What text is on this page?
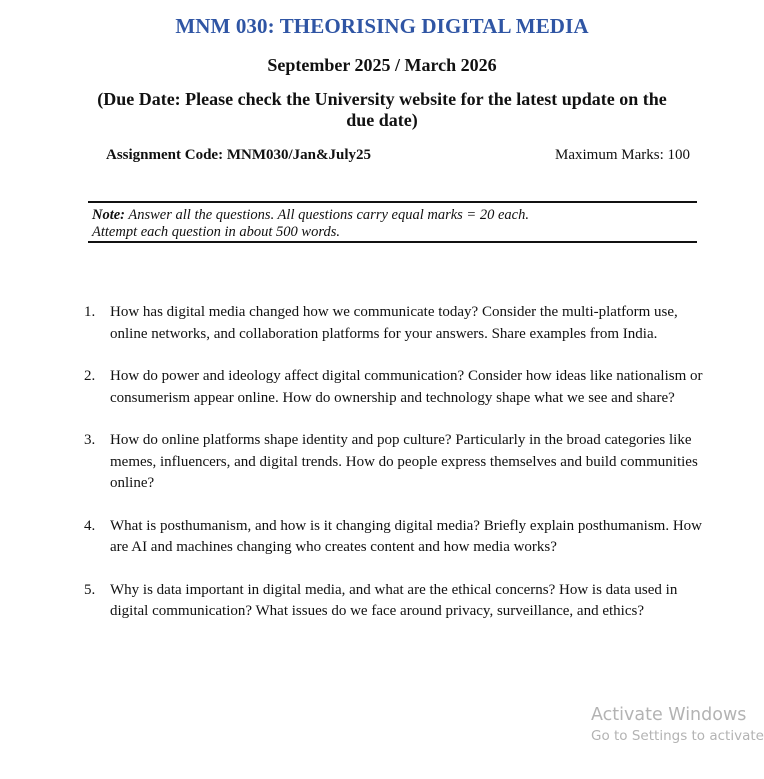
MNM 030: THEORISING DIGITAL MEDIA
September 2025 / March 2026
(Due Date: Please check the University website for the latest update on the due date)
Assignment Code: MNM030/Jan&July25	Maximum Marks: 100
Note: Answer all the questions. All questions carry equal marks = 20 each.
Attempt each question in about 500 words.
1. How has digital media changed how we communicate today? Consider the multi-platform use, online networks, and collaboration platforms for your answers. Share examples from India.
2. How do power and ideology affect digital communication? Consider how ideas like nationalism or consumerism appear online. How do ownership and technology shape what we see and share?
3. How do online platforms shape identity and pop culture? Particularly in the broad categories like memes, influencers, and digital trends. How do people express themselves and build communities online?
4. What is posthumanism, and how is it changing digital media? Briefly explain posthumanism. How are AI and machines changing who creates content and how media works?
5. Why is data important in digital media, and what are the ethical concerns? How is data used in digital communication? What issues do we face around privacy, surveillance, and ethics?
Activate Windows
Go to Settings to activate
